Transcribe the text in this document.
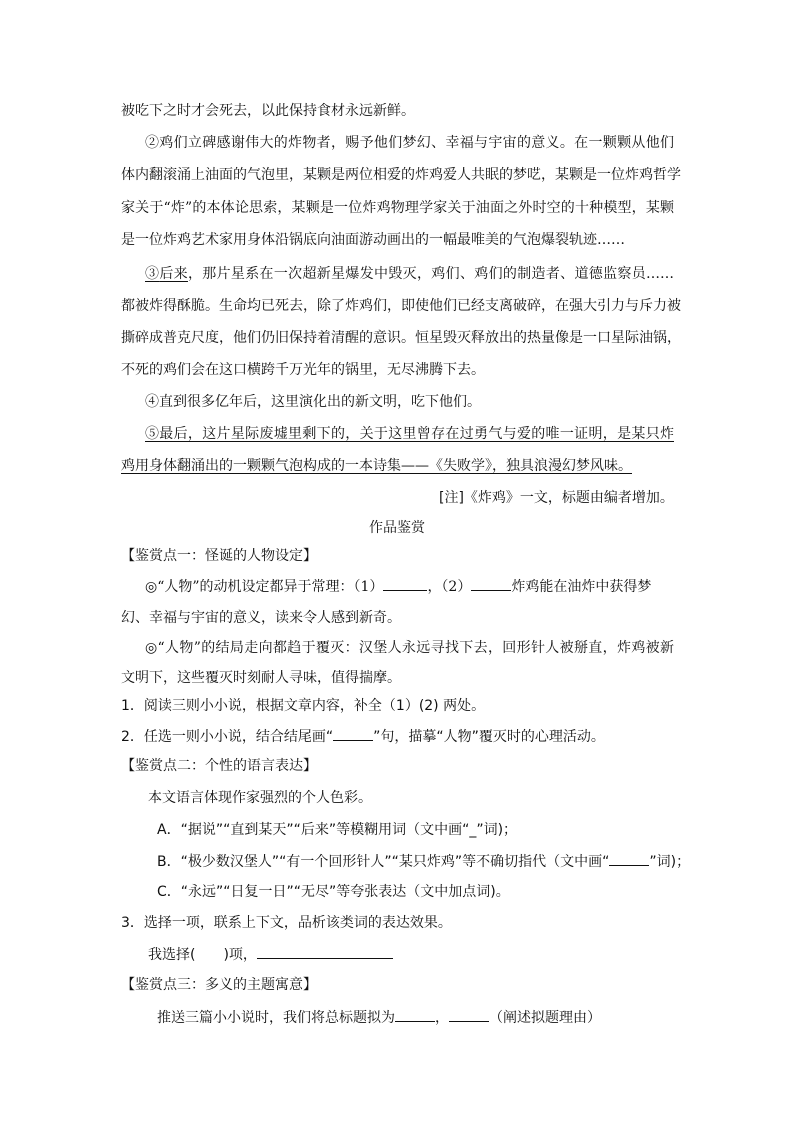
被吃下之时才会死去，以此保持食材永远新鲜。
②鸡们立碑感谢伟大的炸物者，赐予他们梦幻、幸福与宇宙的意义。在一颗颗从他们
体内翻滚涌上油面的气泡里，某颗是两位相爱的炸鸡爱人共眠的梦呓，某颗是一位炸鸡哲学
家关于“炸”的本体论思索，某颗是一位炸鸡物理学家关于油面之外时空的十种模型，某颗
是一位炸鸡艺术家用身体沿锅底向油面游动画出的一幅最唯美的气泡爆裂轨迹……
③后来，那片星系在一次超新星爆发中毁灭，鸡们、鸡们的制造者、道德监察员……
都被炸得酥脆。生命均已死去，除了炸鸡们，即使他们已经支离破碎，在强大引力与斥力被
撕碎成普克尺度，他们仍旧保持着清醒的意识。恒星毁灭释放出的热量像是一口星际油锅，
不死的鸡们会在这口横跨千万光年的锅里，无尽沸腾下去。
④直到很多亿年后，这里演化出的新文明，吃下他们。
⑤最后，这片星际废墟里剩下的，关于这里曾存在过勇气与爱的唯一证明，是某只炸
鸡用身体翻涌出的一颗颗气泡构成的一本诗集——《失败学》，独具浪漫幻梦风味。
[注]《炸鸡》一文，标题由编者增加。
作品鉴赏
【鉴赏点一：怪诞的人物设定】
◎“人物”的动机设定都异于常理：（1）	，（2）	炸鸡能在油炸中获得梦
幻、幸福与宇宙的意义，读来令人感到新奇。
◎“人物”的结局走向都趋于覆灭：汉堡人永远寻找下去，回形针人被掰直，炸鸡被新
文明下，这些覆灭时刻耐人寻味，值得揣摩。
1．阅读三则小小说，根据文章内容，补全（1）(2) 两处。
2．任选一则小小说，结合结尾画“	”句，描摹“人物”覆灭时的心理活动。
【鉴赏点二：个性的语言表达】
本文语言体现作家强烈的个人色彩。
A．“据说”“直到某天”“后来”等模糊用词（文中画“_”词)；
B．“极少数汉堡人”“有一个回形针人”“某只炸鸡”等不确切指代（文中画“	”词)；
C．“永远”“日复一日”“无尽”等夸张表达（文中加点词)。
3．选择一项，联系上下文，品析该类词的表达效果。
我选择( )项，
【鉴赏点三：多义的主题寓意】
推送三篇小小说时，我们将总标题拟为	，	（阐述拟题理由）
